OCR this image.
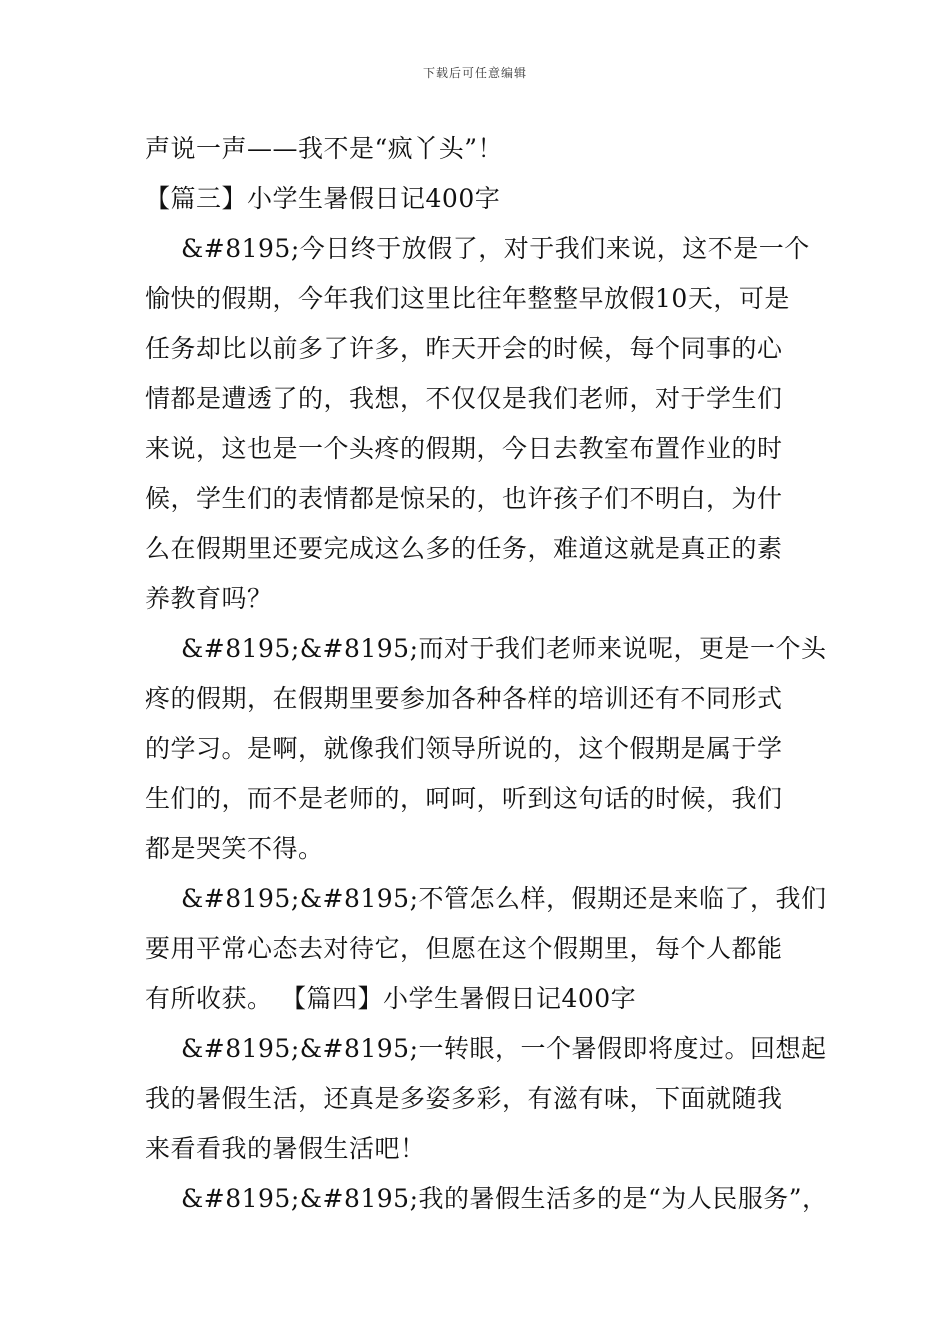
下载后可任意编辑
声说一声——我不是“疯丫头”！
【篇三】小学生暑假日记400字
&#8195;今日终于放假了，对于我们来说，这不是一个
愉快的假期，今年我们这里比往年整整早放假10天，可是
任务却比以前多了许多，昨天开会的时候，每个同事的心
情都是遭透了的，我想，不仅仅是我们老师，对于学生们
来说，这也是一个头疼的假期，今日去教室布置作业的时
候，学生们的表情都是惊呆的，也许孩子们不明白，为什
么在假期里还要完成这么多的任务，难道这就是真正的素
养教育吗？
&#8195;&#8195;而对于我们老师来说呢，更是一个头
疼的假期，在假期里要参加各种各样的培训还有不同形式
的学习。是啊，就像我们领导所说的，这个假期是属于学
生们的，而不是老师的，呵呵，听到这句话的时候，我们
都是哭笑不得。
&#8195;&#8195;不管怎么样，假期还是来临了，我们
要用平常心态去对待它，但愿在这个假期里，每个人都能
有所收获。 【篇四】小学生暑假日记400字
&#8195;&#8195;一转眼，一个暑假即将度过。回想起
我的暑假生活，还真是多姿多彩，有滋有味，下面就随我
来看看我的暑假生活吧！
&#8195;&#8195;我的暑假生活多的是“为人民服务”，
